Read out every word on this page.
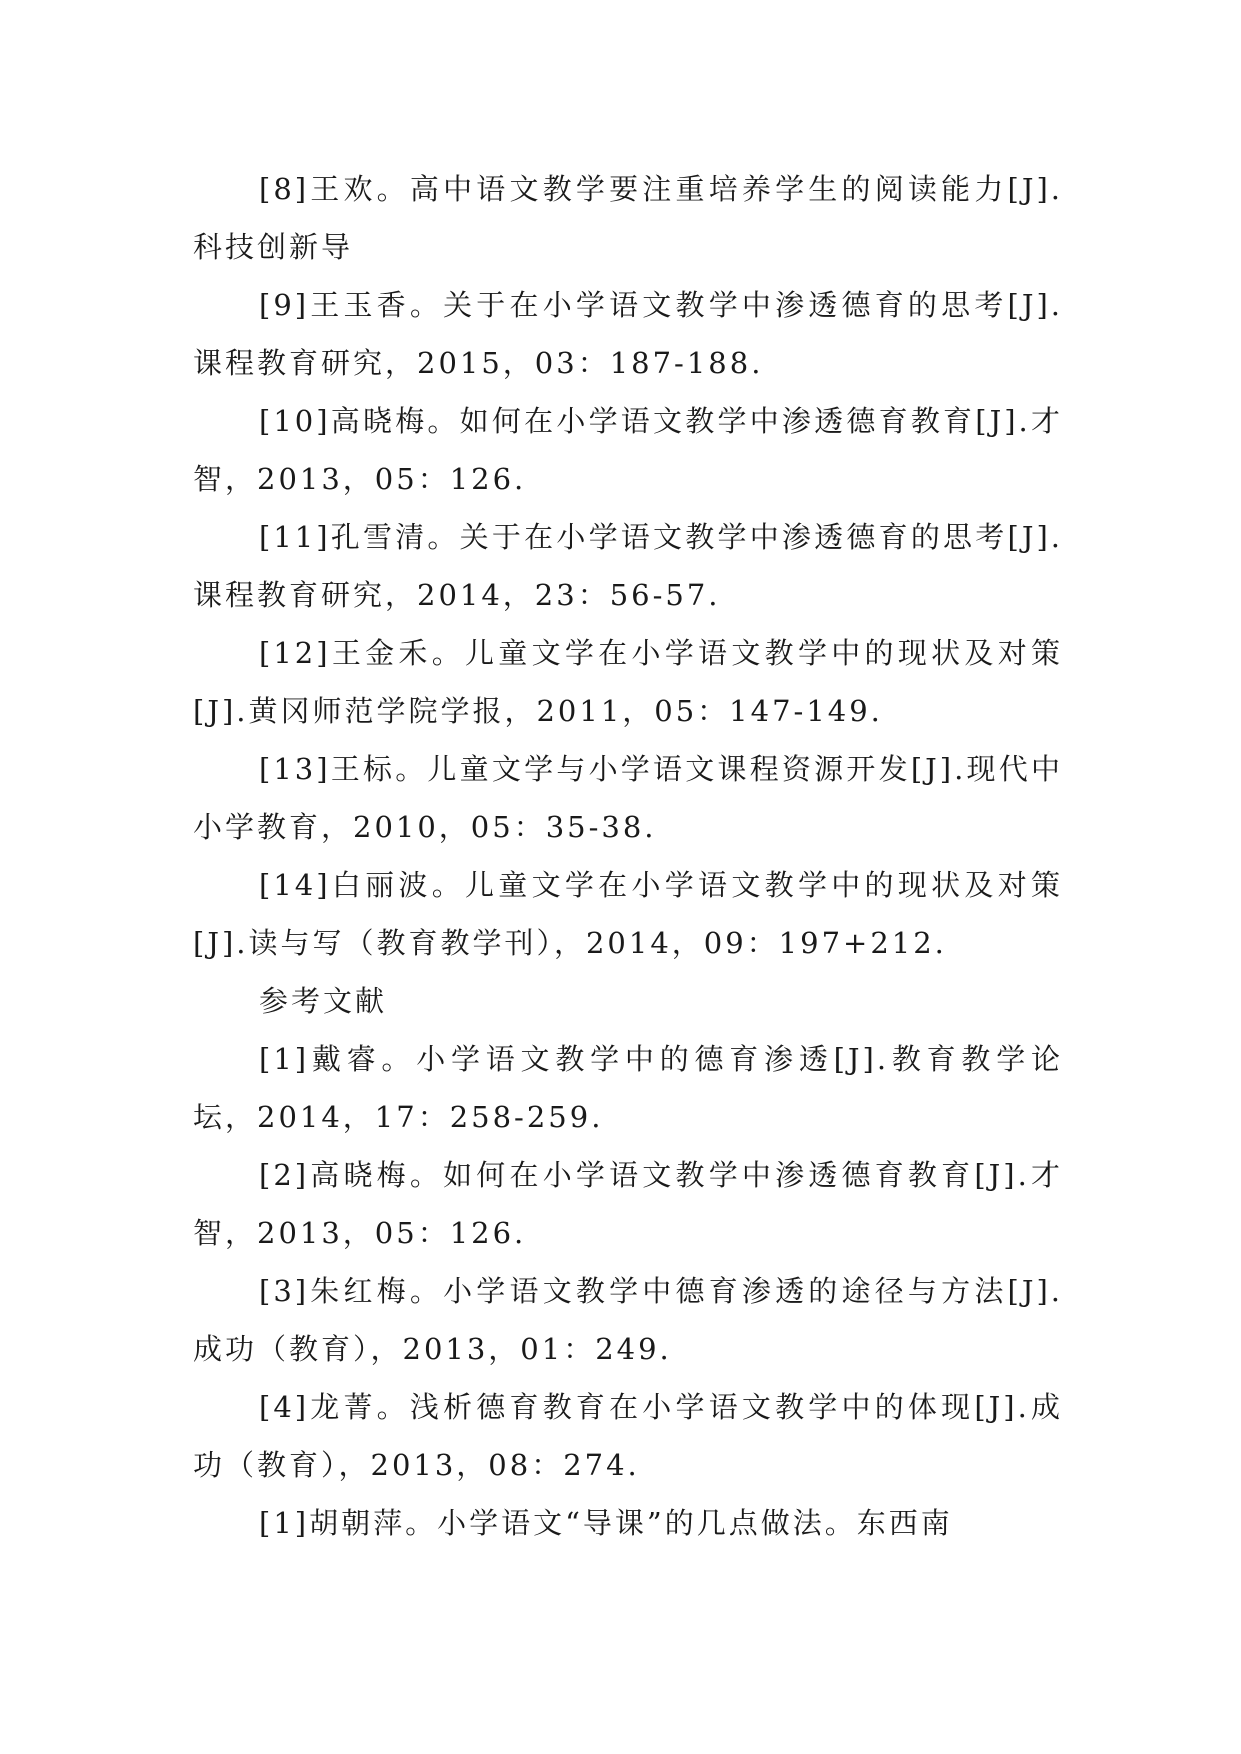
[8]王欢。高中语文教学要注重培养学生的阅读能力[J].科技创新导

[9]王玉香。关于在小学语文教学中渗透德育的思考[J].课程教育研究，2015，03：187-188.

[10]高晓梅。如何在小学语文教学中渗透德育教育[J].才智，2013，05：126.

[11]孔雪清。关于在小学语文教学中渗透德育的思考[J].课程教育研究，2014，23：56-57.

[12]王金禾。儿童文学在小学语文教学中的现状及对策[J].黄冈师范学院学报，2011，05：147-149.

[13]王标。儿童文学与小学语文课程资源开发[J].现代中小学教育，2010，05：35-38.

[14]白丽波。儿童文学在小学语文教学中的现状及对策[J].读与写（教育教学刊），2014，09：197+212.

参考文献

[1]戴睿。小学语文教学中的德育渗透[J].教育教学论坛，2014，17：258-259.

[2]高晓梅。如何在小学语文教学中渗透德育教育[J].才智，2013，05：126.

[3]朱红梅。小学语文教学中德育渗透的途径与方法[J].成功（教育），2013，01：249.

[4]龙菁。浅析德育教育在小学语文教学中的体现[J].成功（教育），2013，08：274.

[1]胡朝萍。小学语文“导课”的几点做法。东西南
